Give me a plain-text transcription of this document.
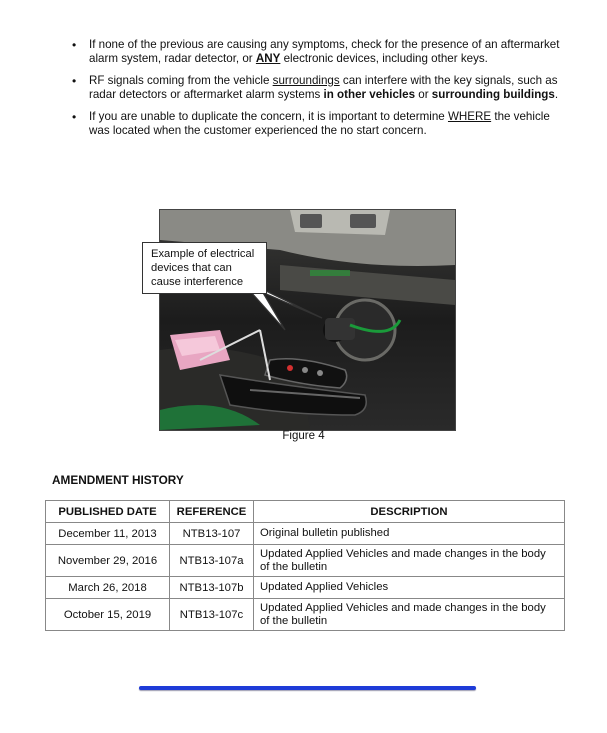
• If none of the previous are causing any symptoms, check for the presence of an aftermarket alarm system, radar detector, or ANY electronic devices, including other keys.
• RF signals coming from the vehicle surroundings can interfere with the key signals, such as radar detectors or aftermarket alarm systems in other vehicles or surrounding buildings.
• If you are unable to duplicate the concern, it is important to determine WHERE the vehicle was located when the customer experienced the no start concern.
Example of electrical devices that can cause interference
Figure 4
AMENDMENT HISTORY
PUBLISHED DATE	REFERENCE	DESCRIPTION
December 11, 2013	NTB13-107	Original bulletin published
November 29, 2016	NTB13-107a	Updated Applied Vehicles and made changes in the body of the bulletin
March 26, 2018	NTB13-107b	Updated Applied Vehicles
October 15, 2019	NTB13-107c	Updated Applied Vehicles and made changes in the body of the bulletin
